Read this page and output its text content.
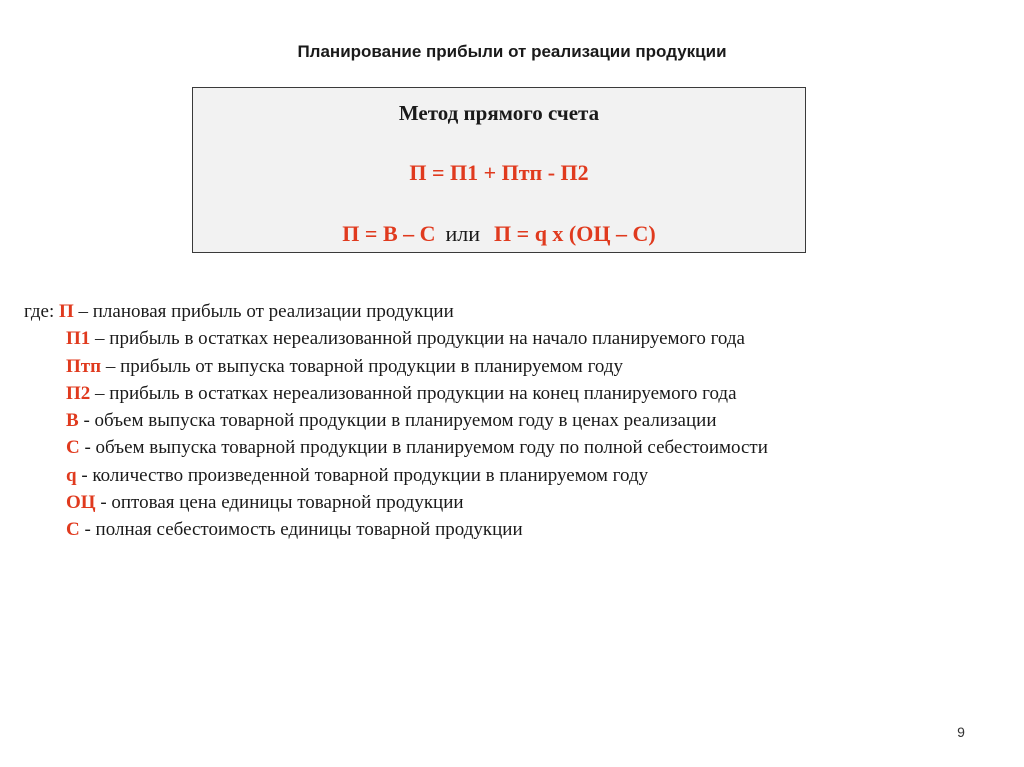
Планирование прибыли от реализации продукции
Метод прямого счета
П = П1 + Птп - П2
П = В – С или П = q x (ОЦ – С)
где: П – плановая прибыль от реализации продукции
П1 – прибыль в остатках нереализованной продукции на начало планируемого года
Птп – прибыль от выпуска товарной продукции в планируемом году
П2 – прибыль в остатках нереализованной продукции на конец планируемого года
В - объем выпуска товарной продукции в планируемом году в ценах реализации
С - объем выпуска товарной продукции в планируемом году по полной себестоимости
q - количество произведенной товарной продукции в планируемом году
ОЦ - оптовая цена единицы товарной продукции
С - полная себестоимость единицы товарной продукции
9
